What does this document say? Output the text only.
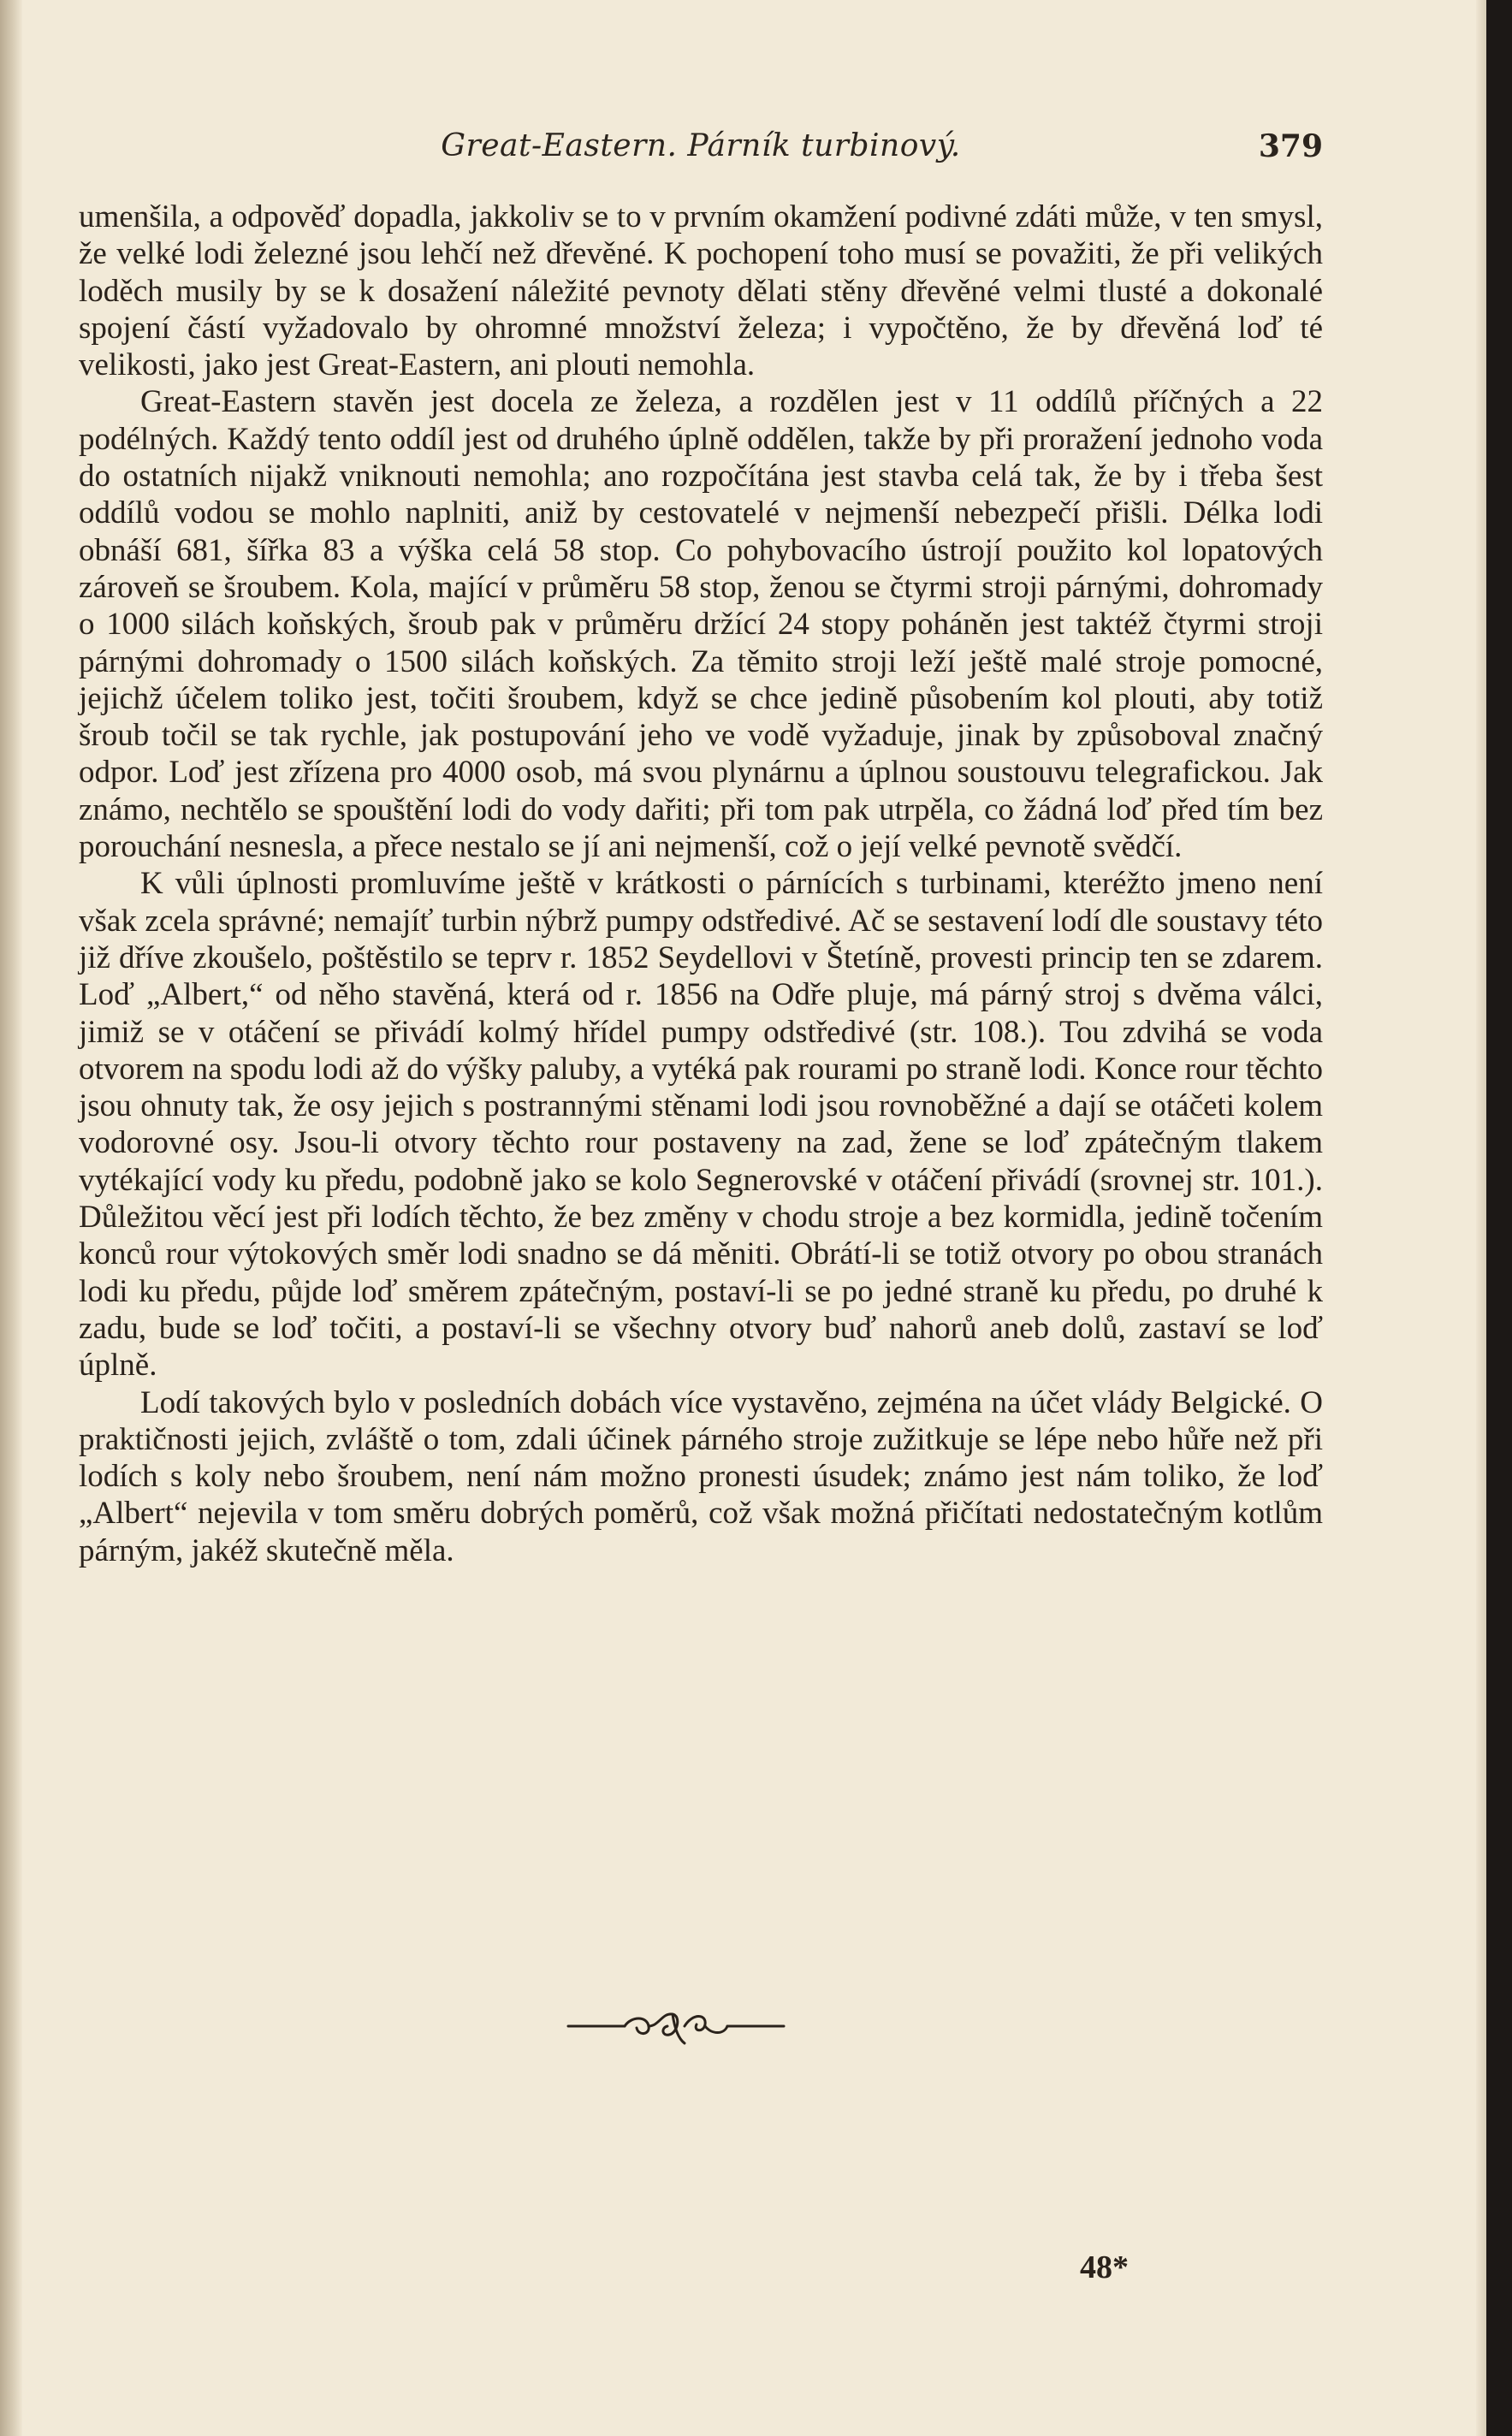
Great-Eastern. Párník turbinový.	379

umenšila, a odpověď dopadla, jakkoliv se to v prvním okamžení podivné zdáti může, v ten smysl, že velké lodi železné jsou lehčí než dřevěné. K pochopení toho musí se považiti, že při velikých loděch musily by se k dosažení náležité pevnoty dělati stěny dřevěné velmi tlusté a dokonalé spojení částí vyžadovalo by ohromné množství železa; i vypočtěno, že by dřevěná loď té velikosti, jako jest Great-Eastern, ani plouti nemohla.

Great-Eastern stavěn jest docela ze železa, a rozdělen jest v 11 oddílů příčných a 22 podélných. Každý tento oddíl jest od druhého úplně oddělen, takže by při proražení jednoho voda do ostatních nijakž vniknouti nemohla; ano rozpočítána jest stavba celá tak, že by i třeba šest oddílů vodou se mohlo naplniti, aniž by cestovatelé v nejmenší nebezpečí přišli. Délka lodi obnáší 681, šířka 83 a výška celá 58 stop. Co pohybovacího ústrojí použito kol lopatových zároveň se šroubem. Kola, mající v průměru 58 stop, ženou se čtyrmi stroji párnými, dohromady o 1000 silách koňských, šroub pak v průměru držící 24 stopy poháněn jest taktéž čtyrmi stroji párnými dohromady o 1500 silách koňských. Za těmito stroji leží ještě malé stroje pomocné, jejichž účelem toliko jest, točiti šroubem, když se chce jedině působením kol plouti, aby totiž šroub točil se tak rychle, jak postupování jeho ve vodě vyžaduje, jinak by způsoboval značný odpor. Loď jest zřízena pro 4000 osob, má svou plynárnu a úplnou soustouvu telegrafickou. Jak známo, nechtělo se spouštění lodi do vody dařiti; při tom pak utrpěla, co žádná loď před tím bez porouchání nesnesla, a přece nestalo se jí ani nejmenší, což o její velké pevnotě svědčí.

K vůli úplnosti promluvíme ještě v krátkosti o párnících s turbinami, kteréžto jmeno není však zcela správné; nemajíť turbin nýbrž pumpy odstředivé. Ač se sestavení lodí dle soustavy této již dříve zkoušelo, poštěstilo se teprv r. 1852 Seydellovi v Štetíně, provesti princip ten se zdarem. Loď „Albert,“ od něho stavěná, která od r. 1856 na Odře pluje, má párný stroj s dvěma válci, jimiž se v otáčení se přivádí kolmý hřídel pumpy odstředivé (str. 108.). Tou zdvihá se voda otvorem na spodu lodi až do výšky paluby, a vytéká pak rourami po straně lodi. Konce rour těchto jsou ohnuty tak, že osy jejich s postrannými stěnami lodi jsou rovnoběžné a dají se otáčeti kolem vodorovné osy. Jsou-li otvory těchto rour postaveny na zad, žene se loď zpátečným tlakem vytékající vody ku předu, podobně jako se kolo Segnerovské v otáčení přivádí (srovnej str. 101.). Důležitou věcí jest při lodích těchto, že bez změny v chodu stroje a bez kormidla, jedině točením konců rour výtokových směr lodi snadno se dá měniti. Obrátí-li se totiž otvory po obou stranách lodi ku předu, půjde loď směrem zpátečným, postaví-li se po jedné straně ku předu, po druhé k zadu, bude se loď točiti, a postaví-li se všechny otvory buď nahorů aneb dolů, zastaví se loď úplně.

Lodí takových bylo v posledních dobách více vystavěno, zejména na účet vlády Belgické. O praktičnosti jejich, zvláště o tom, zdali účinek párného stroje zužitkuje se lépe nebo hůře než při lodích s koly nebo šroubem, není nám možno pronesti úsudek; známo jest nám toliko, že loď „Albert“ nejevila v tom směru dobrých poměrů, což však možná přičítati nedostatečným kotlům párným, jakéž skutečně měla.

48*
